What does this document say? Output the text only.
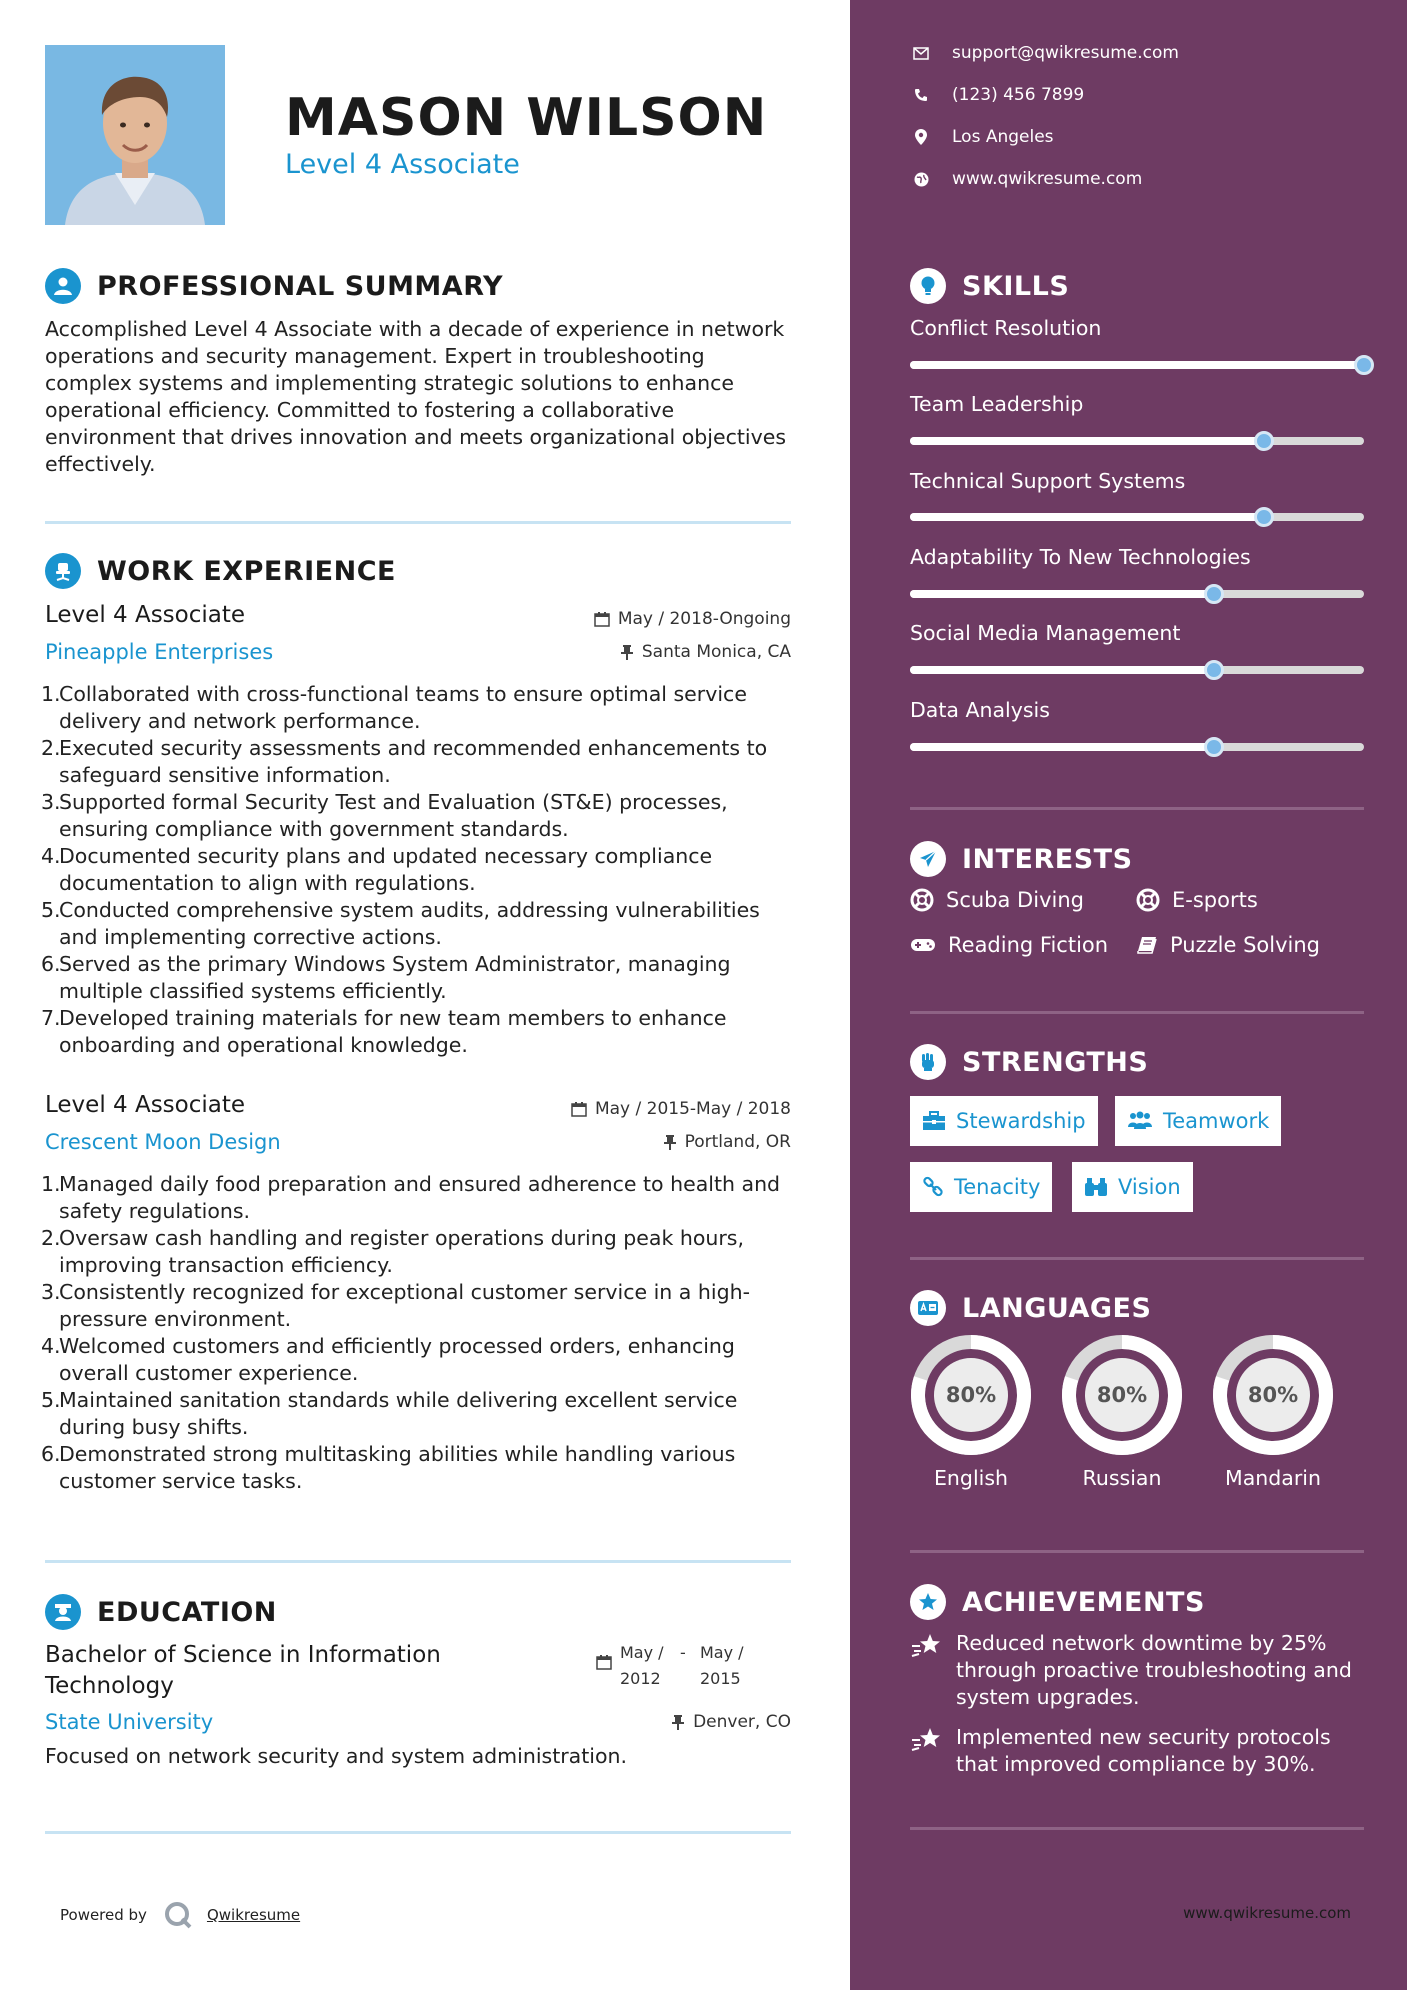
MASON WILSON
Level 4 Associate
PROFESSIONAL SUMMARY
Accomplished Level 4 Associate with a decade of experience in network operations and security management. Expert in troubleshooting complex systems and implementing strategic solutions to enhance operational efficiency. Committed to fostering a collaborative environment that drives innovation and meets organizational objectives effectively.
WORK EXPERIENCE
Level 4 Associate	May / 2018-Ongoing
Pineapple Enterprises	Santa Monica, CA
1.
Collaborated with cross-functional teams to ensure optimal service delivery and network performance.
2.
Executed security assessments and recommended enhancements to safeguard sensitive information.
3.
Supported formal Security Test and Evaluation (ST&E) processes, ensuring compliance with government standards.
4.
Documented security plans and updated necessary compliance documentation to align with regulations.
5.
Conducted comprehensive system audits, addressing vulnerabilities and implementing corrective actions.
6.
Served as the primary Windows System Administrator, managing multiple classified systems efficiently.
7.
Developed training materials for new team members to enhance onboarding and operational knowledge.
Level 4 Associate	May / 2015-May / 2018
Crescent Moon Design	Portland, OR
1.
Managed daily food preparation and ensured adherence to health and safety regulations.
2.
Oversaw cash handling and register operations during peak hours, improving transaction efficiency.
3.
Consistently recognized for exceptional customer service in a high-pressure environment.
4.
Welcomed customers and efficiently processed orders, enhancing overall customer experience.
5.
Maintained sanitation standards while delivering excellent service during busy shifts.
6.
Demonstrated strong multitasking abilities while handling various customer service tasks.
EDUCATION
Bachelor of Science in Information Technology
May / 2012
- May / 2015
State University	Denver, CO
Focused on network security and system administration.
Powered by	Qwikresume
support@qwikresume.com
(123) 456 7899
Los Angeles
www.qwikresume.com
SKILLS
Conflict Resolution
Team Leadership
Technical Support Systems
Adaptability To New Technologies
Social Media Management
Data Analysis
INTERESTS
Scuba Diving	E-sports
Reading Fiction	Puzzle Solving
STRENGTHS
Stewardship	Teamwork
Tenacity	Vision
LANGUAGES
80%
English
80%
Russian
80%
Mandarin
ACHIEVEMENTS
Reduced network downtime by 25% through proactive troubleshooting and system upgrades.
Implemented new security protocols that improved compliance by 30%.
www.qwikresume.com
